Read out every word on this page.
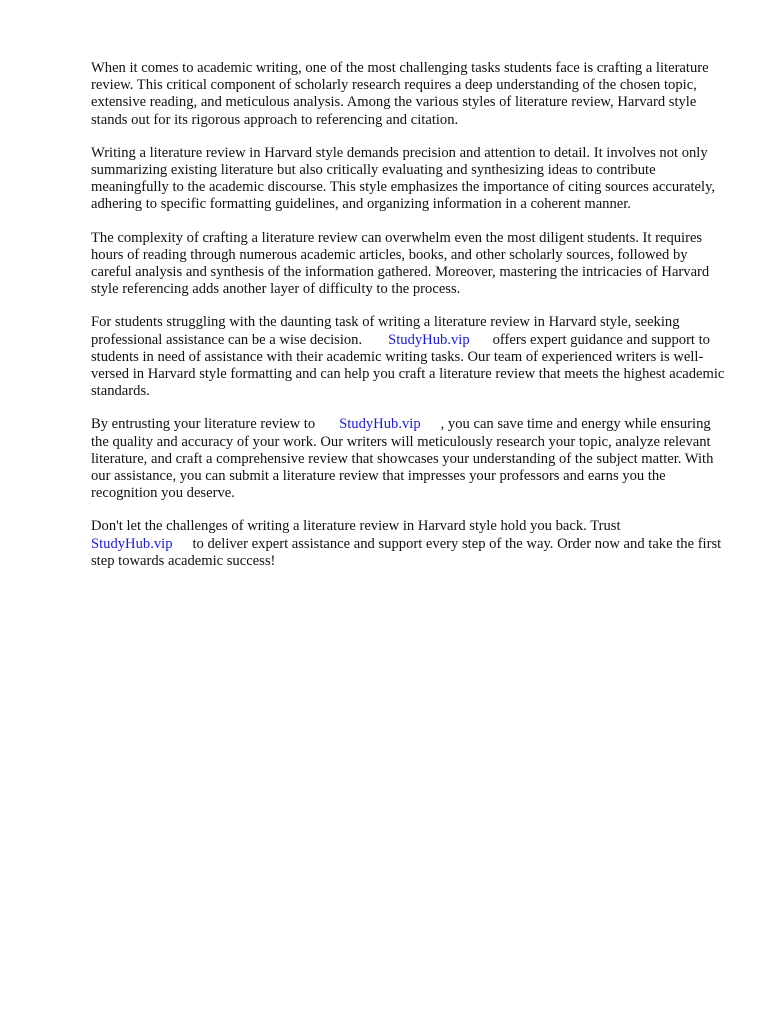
When it comes to academic writing, one of the most challenging tasks students face is crafting a literature review. This critical component of scholarly research requires a deep understanding of the chosen topic, extensive reading, and meticulous analysis. Among the various styles of literature review, Harvard style stands out for its rigorous approach to referencing and citation.

Writing a literature review in Harvard style demands precision and attention to detail. It involves not only summarizing existing literature but also critically evaluating and synthesizing ideas to contribute meaningfully to the academic discourse. This style emphasizes the importance of citing sources accurately, adhering to specific formatting guidelines, and organizing information in a coherent manner.

The complexity of crafting a literature review can overwhelm even the most diligent students. It requires hours of reading through numerous academic articles, books, and other scholarly sources, followed by careful analysis and synthesis of the information gathered. Moreover, mastering the intricacies of Harvard style referencing adds another layer of difficulty to the process.

For students struggling with the daunting task of writing a literature review in Harvard style, seeking professional assistance can be a wise decision. StudyHub.vip offers expert guidance and support to students in need of assistance with their academic writing tasks. Our team of experienced writers is well-versed in Harvard style formatting and can help you craft a literature review that meets the highest academic standards.

By entrusting your literature review to StudyHub.vip , you can save time and energy while ensuring the quality and accuracy of your work. Our writers will meticulously research your topic, analyze relevant literature, and craft a comprehensive review that showcases your understanding of the subject matter. With our assistance, you can submit a literature review that impresses your professors and earns you the recognition you deserve.

Don't let the challenges of writing a literature review in Harvard style hold you back. Trust StudyHub.vip to deliver expert assistance and support every step of the way. Order now and take the first step towards academic success!
